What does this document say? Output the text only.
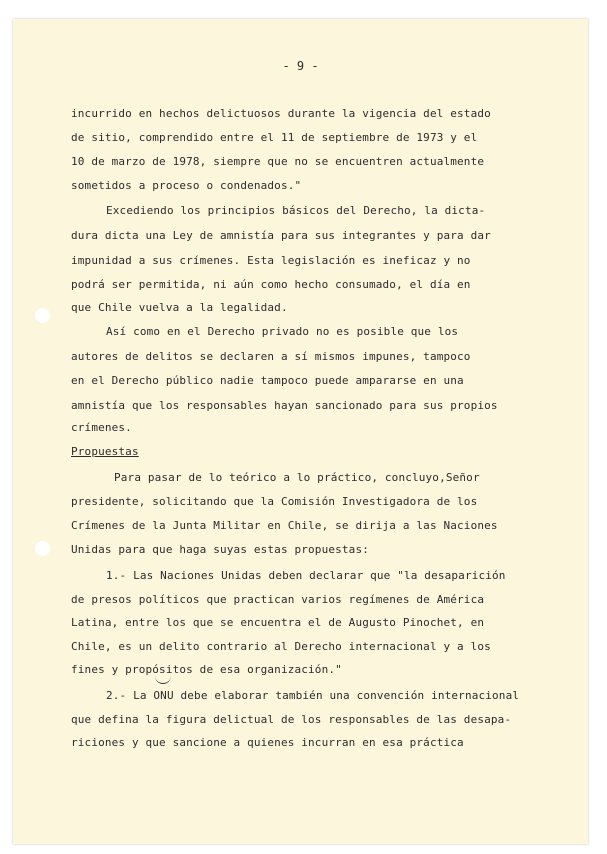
- 9 -
incurrido en hechos delictuosos durante la vigencia del estado
de sitio, comprendido entre el 11 de septiembre de 1973 y el
10 de marzo de 1978, siempre que no se encuentren actualmente
sometidos a proceso o condenados."
Excediendo los principios básicos del Derecho, la dicta-
dura dicta una Ley de amnistía para sus integrantes y para dar
impunidad a sus crímenes. Esta legislación es ineficaz y no
podrá ser permitida, ni aún como hecho consumado, el día en
que Chile vuelva a la legalidad.
Así como en el Derecho privado no es posible que los
autores de delitos se declaren a sí mismos impunes, tampoco
en el Derecho público nadie tampoco puede ampararse en una
amnistía que los responsables hayan sancionado para sus propios
crímenes.
Propuestas
Para pasar de lo teórico a lo práctico, concluyo,Señor
presidente, solicitando que la Comisión Investigadora de los
Crímenes de la Junta Militar en Chile, se dirija a las Naciones
Unidas para que haga suyas estas propuestas:
1.- Las Naciones Unidas deben declarar que "la desaparición
de presos políticos que practican varios regímenes de América
Latina, entre los que se encuentra el de Augusto Pinochet, en
Chile, es un delito contrario al Derecho internacional y a los
fines y propósitos de esa organización."
2.- La ONU debe elaborar también una convención internacional
que defina la figura delictual de los responsables de las desapa-
riciones y que sancione a quienes incurran en esa práctica
